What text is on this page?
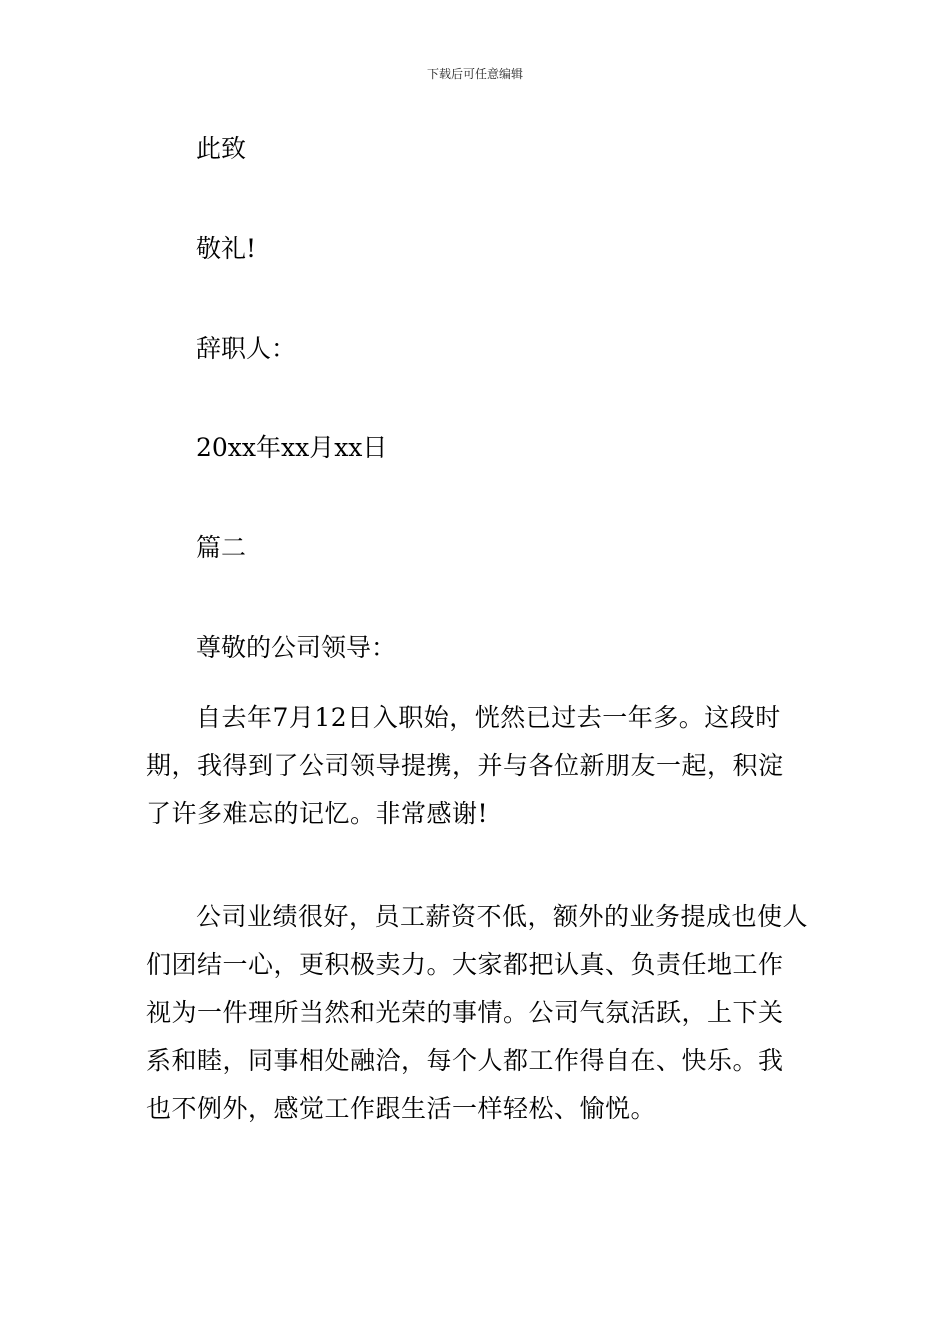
下载后可任意编辑
此致
敬礼!
辞职人：
20xx年xx月xx日
篇二
尊敬的公司领导：

自去年7月12日入职始，恍然已过去一年多。这段时期，我得到了公司领导提携，并与各位新朋友一起，积淀了许多难忘的记忆。非常感谢!

公司业绩很好，员工薪资不低，额外的业务提成也使人们团结一心，更积极卖力。大家都把认真、负责任地工作视为一件理所当然和光荣的事情。公司气氛活跃，上下关系和睦，同事相处融洽，每个人都工作得自在、快乐。我也不例外，感觉工作跟生活一样轻松、愉悦。
